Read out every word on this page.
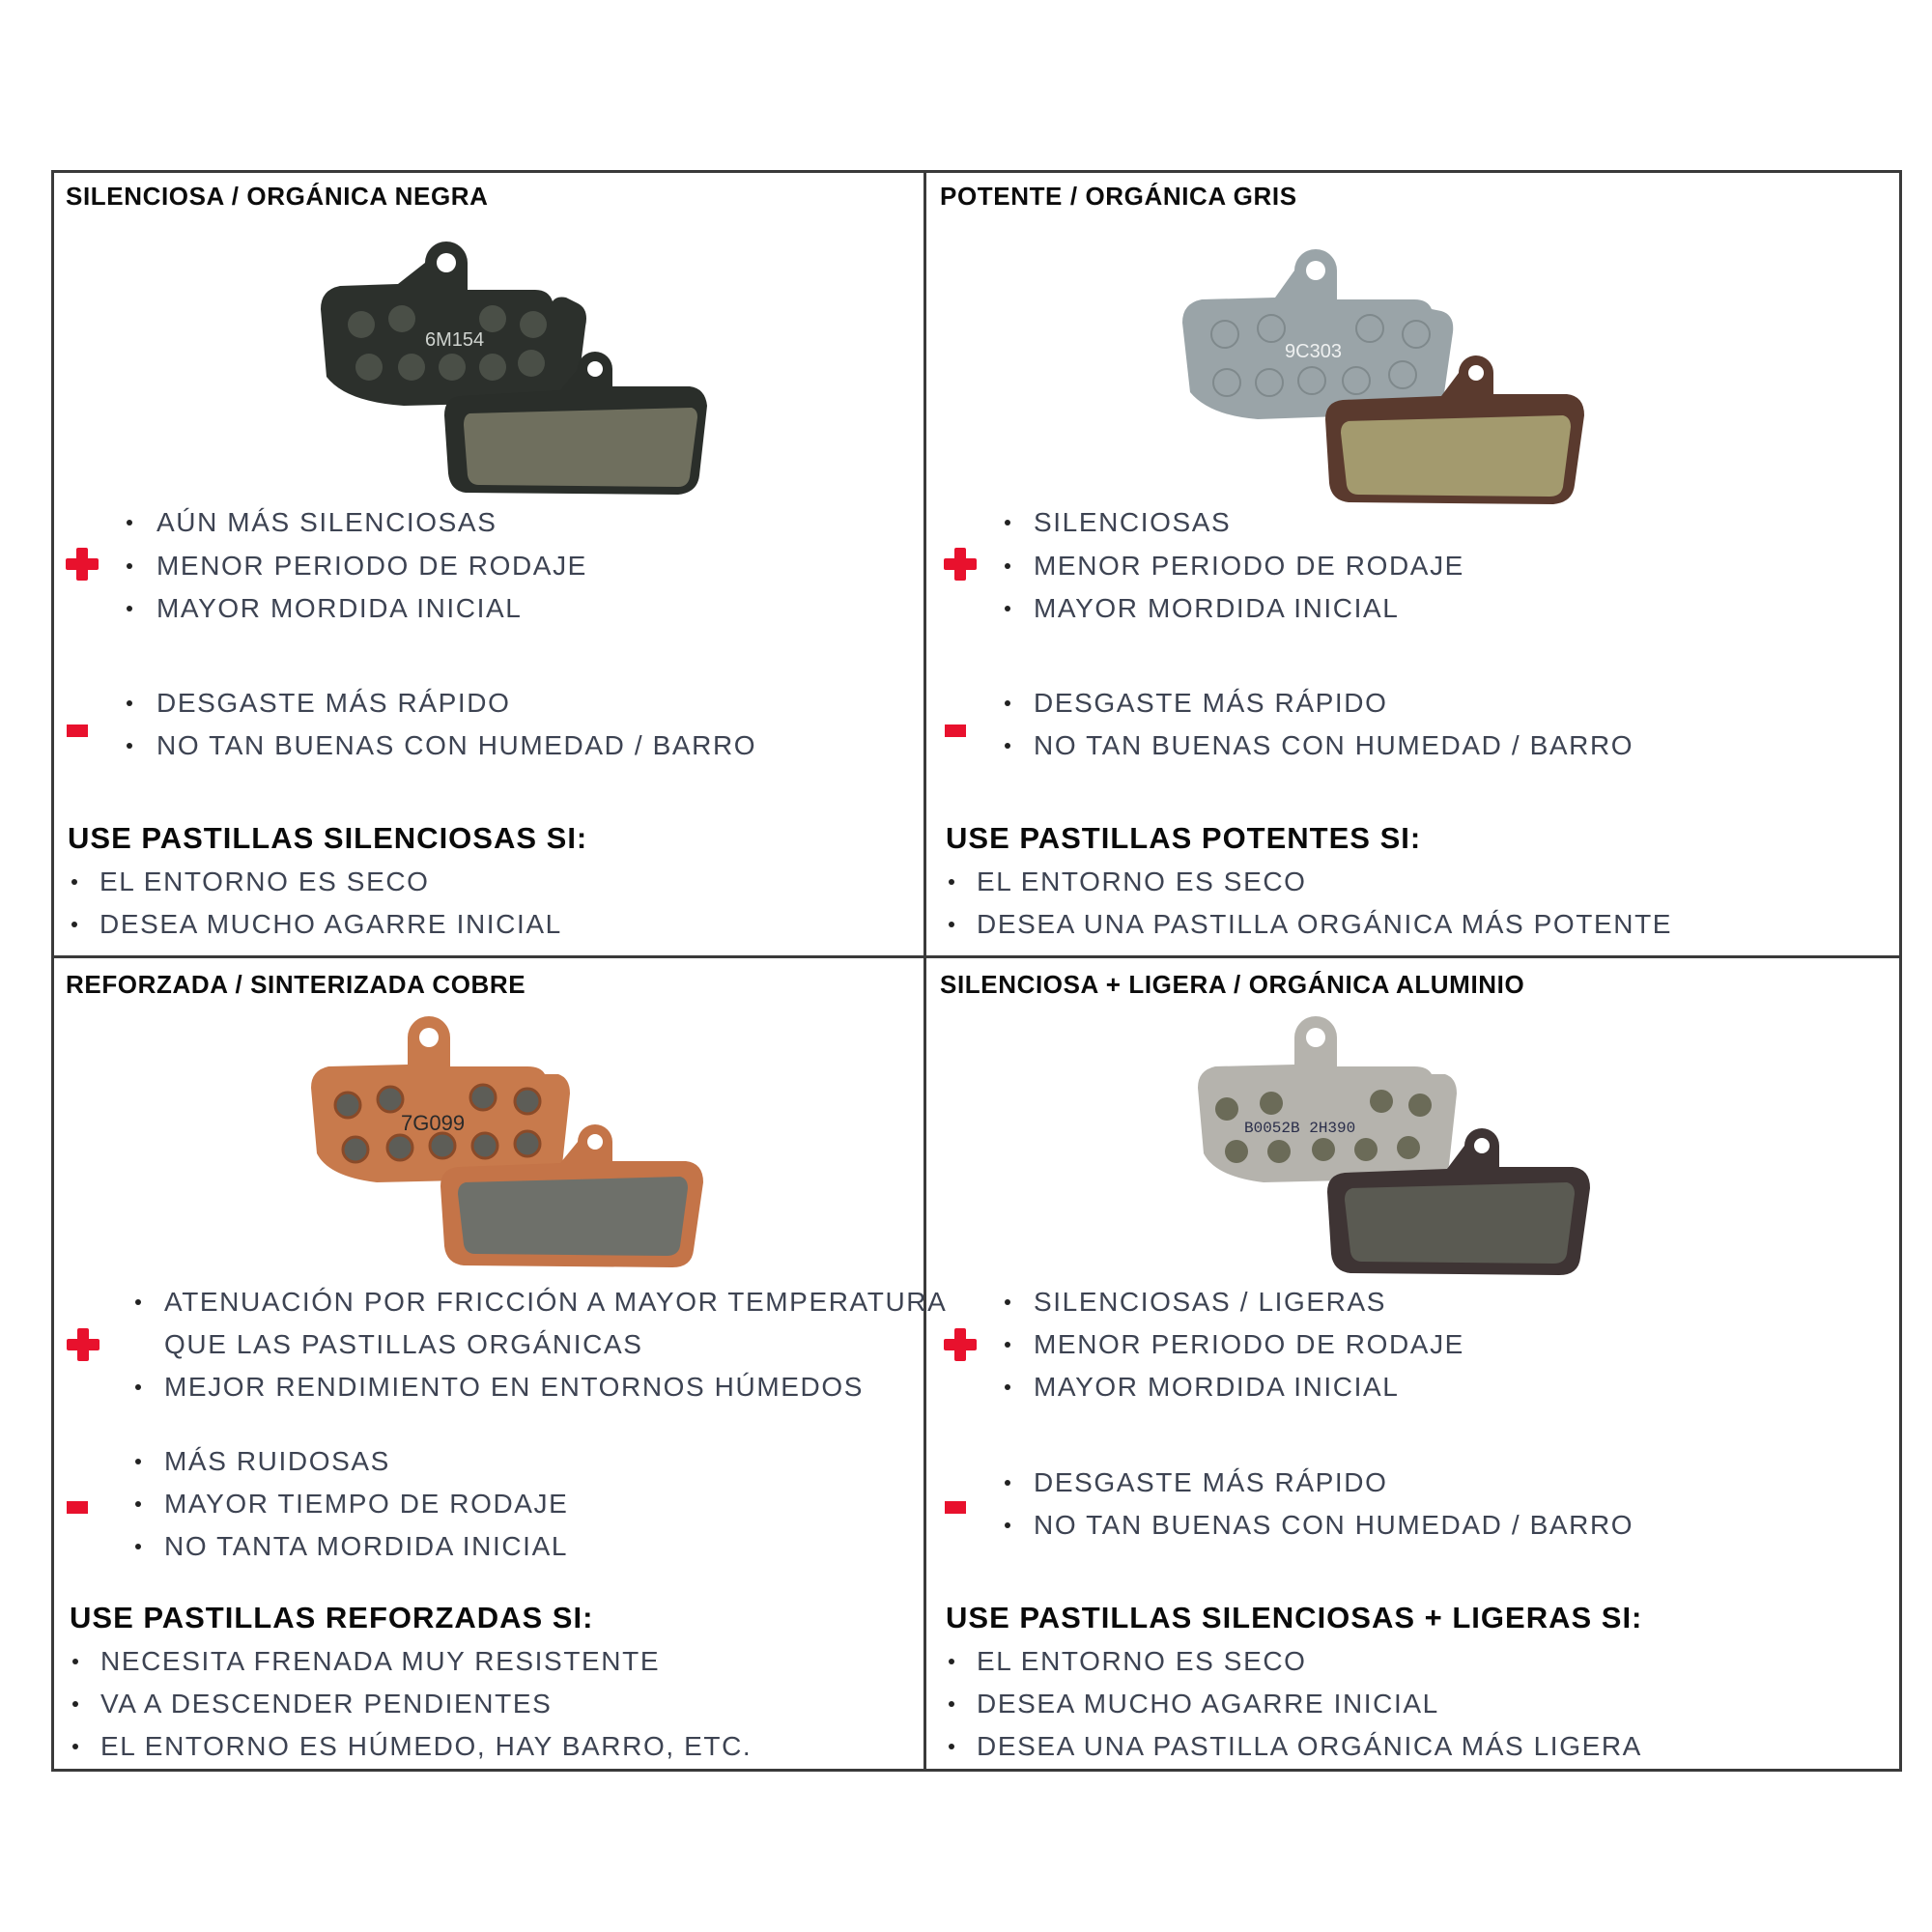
SILENCIOSA / ORGÁNICA NEGRA
6M154
AÚN MÁS SILENCIOSAS
MENOR PERIODO DE RODAJE
MAYOR MORDIDA INICIAL
DESGASTE MÁS RÁPIDO
NO TAN BUENAS CON HUMEDAD / BARRO
USE PASTILLAS SILENCIOSAS SI:
EL ENTORNO ES SECO
DESEA MUCHO AGARRE INICIAL
POTENTE / ORGÁNICA GRIS
9C303
SILENCIOSAS
MENOR PERIODO DE RODAJE
MAYOR MORDIDA INICIAL
DESGASTE MÁS RÁPIDO
NO TAN BUENAS CON HUMEDAD / BARRO
USE PASTILLAS POTENTES SI:
EL ENTORNO ES SECO
DESEA UNA PASTILLA ORGÁNICA MÁS POTENTE
REFORZADA / SINTERIZADA COBRE
7G099
ATENUACIÓN POR FRICCIÓN A MAYOR TEMPERATURA
QUE LAS PASTILLAS ORGÁNICAS
MEJOR RENDIMIENTO EN ENTORNOS HÚMEDOS
MÁS RUIDOSAS
MAYOR TIEMPO DE RODAJE
NO TANTA MORDIDA INICIAL
USE PASTILLAS REFORZADAS SI:
NECESITA FRENADA MUY RESISTENTE
VA A DESCENDER PENDIENTES
EL ENTORNO ES HÚMEDO, HAY BARRO, ETC.
SILENCIOSA + LIGERA / ORGÁNICA ALUMINIO
B0052B 2H390
SILENCIOSAS / LIGERAS
MENOR PERIODO DE RODAJE
MAYOR MORDIDA INICIAL
DESGASTE MÁS RÁPIDO
NO TAN BUENAS CON HUMEDAD / BARRO
USE PASTILLAS SILENCIOSAS + LIGERAS SI:
EL ENTORNO ES SECO
DESEA MUCHO AGARRE INICIAL
DESEA UNA PASTILLA ORGÁNICA MÁS LIGERA
